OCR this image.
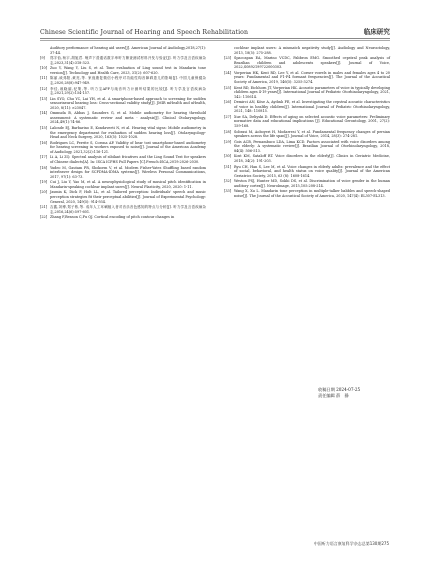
Chinese Scientific Journal of Hearing and Speech Rehabilitation	临床研究
Auditory performance of hearing aid users[J]. American Journal of Audiology,2018,27(1): 37-44.
[9]	郑宇怡,杨宇,胡旭君. 噪声下普通话数字串听力筛查测试材料开发与验证[J]. 听力学及言语疾病杂志,2023,31(4):318-323.
[10] Zuo Y, Wang Y, Liu S, et al. Tone evaluation of Ling sound test in Mandarin tone version[J]. Technology and Health Care, 2023, 31(2): 607-620.
[11] 陈丽,戚弗阳,黄亮,等. 家庭康复微信小程序对功能性构音障碍患儿的影响[J]. 中国儿童保健杂志,2020,28(8):947-949.
[12] 李佳,戚晓丽,纪策,等. 听力宝APP与纯音听力计测听结果的比较[J]. 听力学及言语疾病杂志,2021,29(2):154-157.
[13] Lin SYO, Chu YC, Lai YH, et al. A smartphone-based approach to screening for sudden sensorineural hearing loss: Cross-sectional validity study[J]. JMIR mHealth and uHealth, 2020, 8(11): e23047.
[14] Ommuda B, Abbas J, Saunders G, et al. Mobile audiometry for hearing threshold assessment: A systematic review and meta - analysis[J]. Clinical Otolaryngology, 2024,49(1):74-86.
[15] Lalonde EJ, Barbarino E, Kondaveeti N, et al. Hearing vital signs: Mobile audiometry in the emergency department for evaluation of sudden hearing loss[J]. Otolaryngology-Head and Neck Surgery, 2020, 163(5): 1025-1028.
[16] Rodrigues LC, Ferrite S, Corona AP. Validity of hear tost smartphone-based audiometry for hearing screening in workers exposed to noise[J]. Journal of the American Academy of Audiology, 2021,32(2):116-121.
[17] Li A, Li ZQ. Spectral analysis of sibilant fricatives and the Ling Sound Test for speakers of Chinese dialects[A]. In: ISCA ICPHS Full Papers [C].French:ISCA,2019:2026-2030.
[18] Yudeo M, Gautam PR, Shokorm V, et al. Modern Fisher-Yates Shuffling based random interleaver design for SCFDMA-IDMA systems[J]. Wireless Personal Communications, 2017, 97(1): 63-73.
[19] Cui J, Liu Y, Yao M, et al. A neurophysiological study of musical pitch identification in Mandarin-speaking cochlear implant users[J]. Neural Plasticity, 2020, 2020: 1-11.
[20] Jasmin K, Dick F, Holt LL, et al. Tailored perception: Individuals' speech and music perception strategies fit their perceptual abilities[J]. Journal of Experimental Psychology: General, 2020, 149(5): 914-934.
[21] 吉鑫,刘博,郑子栋,等. 成年人工耳蜗植入者对音乐音色感知的特点与分析[J]. 听力学及言语疾病杂志,2016,24(6):597-601.
[22] Zhang F,Benson C,Fu QJ. Cortical encoding of pitch contour changes in
cochlear implant users: A mismatch negativity study[J]. Audiology and Neurootology, 2013, 18(5): 275-288.
[23] Spaccapan EA, Marino VCDC, Fabbron EMG. Smoothed cepstral peak analysis of Brazilian children and adolescents speakers[J]. Journal of Voice, 2022,S0892199722000303.
[24] Vorperian HK, Kent RD, Lee Y, et al. Corner vowels in males and females ages 4 to 20 years: Fundamental and F1-F4 formant frequencies[J]. The Journal of the Acoustical Society of America, 2019, 146(5): 3255-3274.
[25] Kent RD, Eichhorn JT, Vorperian HK. Acoustic parameters of voice in typically developing children ages 4-19 years[J]. International Journal of Pediatric Otorhinolaryngology, 2021, 142: 110614.
[26] Demirci AN, Köse A, Aydınlı FE, et al. Investigating the cepstral acoustic characteristics of voice in healthy children[J]. International Journal of Pediatric Otorhinolaryngology, 2021, 148: 110815.
[27] Xue SA, Deliyski D. Effects of aging on selected acoustic voice parameters: Preliminary normative data and educational implications [J]. Educational Gerontology, 2001, 27(2): 159-168.
[28] Sobrasi M, Aoboyeri H, Modarresi Y, et al. Fundamental frequency changes of persian speakers across the life span[J]. Journal of Voice, 2014, 28(3): 274-281.
[29] Gois ACB, Pernambuco LDA, Lima KCD. Factors associated with voice disorders among the elderly: A systematic review[J]. Brazilian Journal of Otorhinolaryngology, 2018, 84(4): 506-513.
[30] Kost KM, Sataloff RT. Voice disorders in the elderly[J]. Clinics in Geriatric Medicine, 2018, 34(2): 191-203.
[31] Ryu CH, Han S, Lee M, et al. Voice changes in elderly adults: prevalence and the effect of social, behavioral, and health status on voice quality[J]. Journal of the American Geriatrics Society, 2015, 63 (8): 1608-1614.
[32] Weston PSJ, Hunter MD, Sokhi DS, et al. Discrimination of voice gender in the human auditory cortex[J]. NeuroImage, 2015,105:208-214.
[33] Wang X, Xu L. Mandarin tone perception in multiple-talker babbles and speech-shaped noise[J]. The Journal of the Acoustical Society of America, 2020, 147(4): EL307-EL313.
收稿日期 2024-07-25
责任编辑 薛　静
中国听力语言康复科学杂志总第130期275
